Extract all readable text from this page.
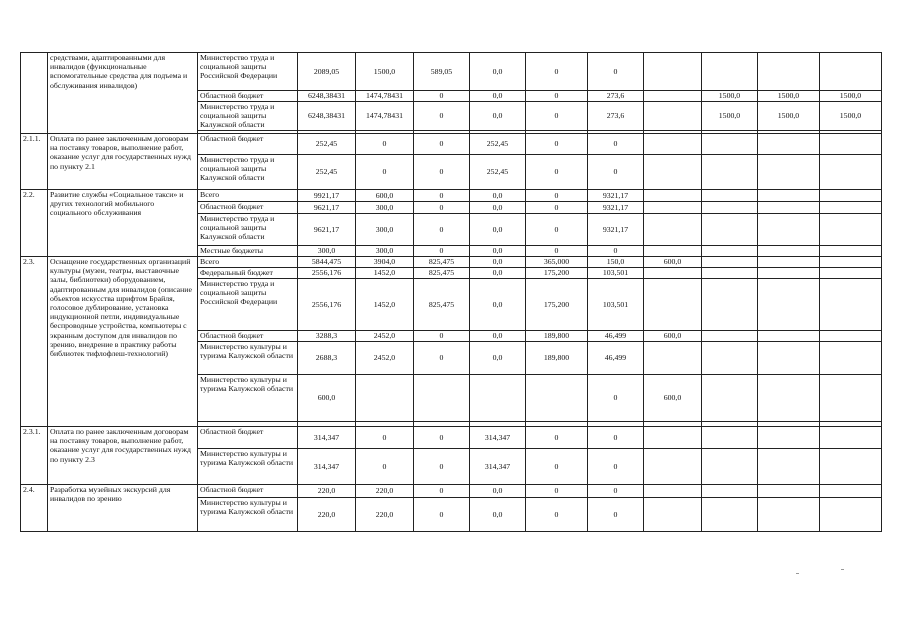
	средствами, адаптированными для инвалидов (функциональные вспомогательные средства для подъема и обслуживания инвалидов)	Министерство труда и социальной защиты Российской Федерации	2089,05	1500,0	589,05	0,0	0	0					
		Областной бюджет	6248,38431	1474,78431	0	0,0	0	273,6		1500,0	1500,0	1500,0	
		Министерство труда и социальной защиты Калужской области	6248,38431	1474,78431	0	0,0	0	273,6		1500,0	1500,0	1500,0	

2.1.1.	Оплата по ранее заключенным договорам на поставку товаров, выполнение работ, оказание услуг для государственных нужд по пункту 2.1	Областной бюджет	252,45	0	0	252,45	0	0					
		Министерство труда и социальной защиты Калужской области	252,45	0	0	252,45	0	0					
2.2.	Развитие службы «Социальное такси» и других технологий мобильного социального обслуживания	Всего	9921,17	600,0	0	0,0	0	9321,17					
		Областной бюджет	9621,17	300,0	0	0,0	0	9321,17					
		Министерство труда и социальной защиты Калужской области	9621,17	300,0	0	0,0	0	9321,17					
		Местные бюджеты	300,0	300,0	0	0,0	0	0					
2.3.	Оснащение государственных организаций культуры (музеи, театры, выставочные залы, библиотеки) оборудованием, адаптированным для инвалидов (описание объектов искусства шрифтом Брайля, голосовое дублирование, установка индукционной петли, индивидуальные беспроводные устройства, компьютеры с экранным доступом для инвалидов по зрению, внедрение в практику работы библиотек тифлофлеш-технологий)	Всего	5844,475	3904,0	825,475	0,0	365,000	150,0	600,0				
		Федеральный бюджет	2556,176	1452,0	825,475	0,0	175,200	103,501					
		Министерство труда и социальной защиты Российской Федерации	2556,176	1452,0	825,475	0,0	175,200	103,501					
		Областной бюджет	3288,3	2452,0	0	0,0	189,800	46,499	600,0				
		Министерство культуры и туризма Калужской области	2688,3	2452,0	0	0,0	189,800	46,499					
		Министерство культуры и туризма Калужской области	600,0					0	600,0				

2.3.1.	Оплата по ранее заключенным договорам на поставку товаров, выполнение работ, оказание услуг для государственных нужд по пункту 2.3	Областной бюджет	314,347	0	0	314,347	0	0					
		Министерство культуры и туризма Калужской области	314,347	0	0	314,347	0	0					
2.4.	Разработка музейных экскурсий для инвалидов по зрению	Областной бюджет	220,0	220,0	0	0,0	0	0					
		Министерство культуры и туризма Калужской области	220,0	220,0	0	0,0	0	0					
